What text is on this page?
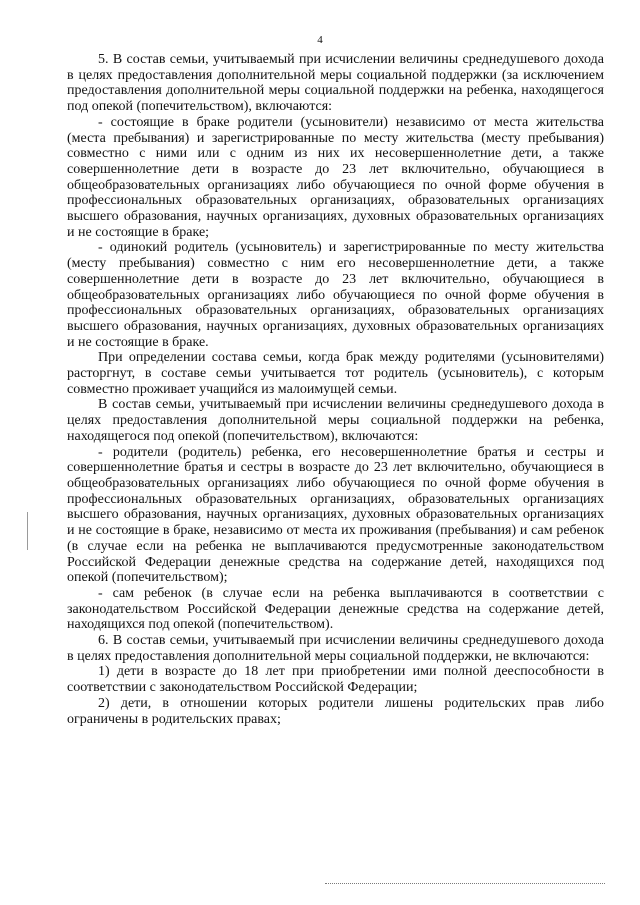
4

5. В состав семьи, учитываемый при исчислении величины среднедушевого дохода в целях предоставления дополнительной меры социальной поддержки (за исключением предоставления дополнительной меры социальной поддержки на ребенка, находящегося под опекой (попечительством), включаются:

- состоящие в браке родители (усыновители) независимо от места жительства (места пребывания) и зарегистрированные по месту жительства (месту пребывания) совместно с ними или с одним из них их несовершеннолетние дети, а также совершеннолетние дети в возрасте до 23 лет включительно, обучающиеся в общеобразовательных организациях либо обучающиеся по очной форме обучения в профессиональных образовательных организациях, образовательных организациях высшего образования, научных организациях, духовных образовательных организациях и не состоящие в браке;

- одинокий родитель (усыновитель) и зарегистрированные по месту жительства (месту пребывания) совместно с ним его несовершеннолетние дети, а также совершеннолетние дети в возрасте до 23 лет включительно, обучающиеся в общеобразовательных организациях либо обучающиеся по очной форме обучения в профессиональных образовательных организациях, образовательных организациях высшего образования, научных организациях, духовных образовательных организациях и не состоящие в браке.

При определении состава семьи, когда брак между родителями (усыновителями) расторгнут, в составе семьи учитывается тот родитель (усыновитель), с которым совместно проживает учащийся из малоимущей семьи.

В состав семьи, учитываемый при исчислении величины среднедушевого дохода в целях предоставления дополнительной меры социальной поддержки на ребенка, находящегося под опекой (попечительством), включаются:

- родители (родитель) ребенка, его несовершеннолетние братья и сестры и совершеннолетние братья и сестры в возрасте до 23 лет включительно, обучающиеся в общеобразовательных организациях либо обучающиеся по очной форме обучения в профессиональных образовательных организациях, образовательных организациях высшего образования, научных организациях, духовных образовательных организациях и не состоящие в браке, независимо от места их проживания (пребывания) и сам ребенок (в случае если на ребенка не выплачиваются предусмотренные законодательством Российской Федерации денежные средства на содержание детей, находящихся под опекой (попечительством);

- сам ребенок (в случае если на ребенка выплачиваются в соответствии с законодательством Российской Федерации денежные средства на содержание детей, находящихся под опекой (попечительством).

6. В состав семьи, учитываемый при исчислении величины среднедушевого дохода в целях предоставления дополнительной меры социальной поддержки, не включаются:

1) дети в возрасте до 18 лет при приобретении ими полной дееспособности в соответствии с законодательством Российской Федерации;

2) дети, в отношении которых родители лишены родительских прав либо ограничены в родительских правах;
